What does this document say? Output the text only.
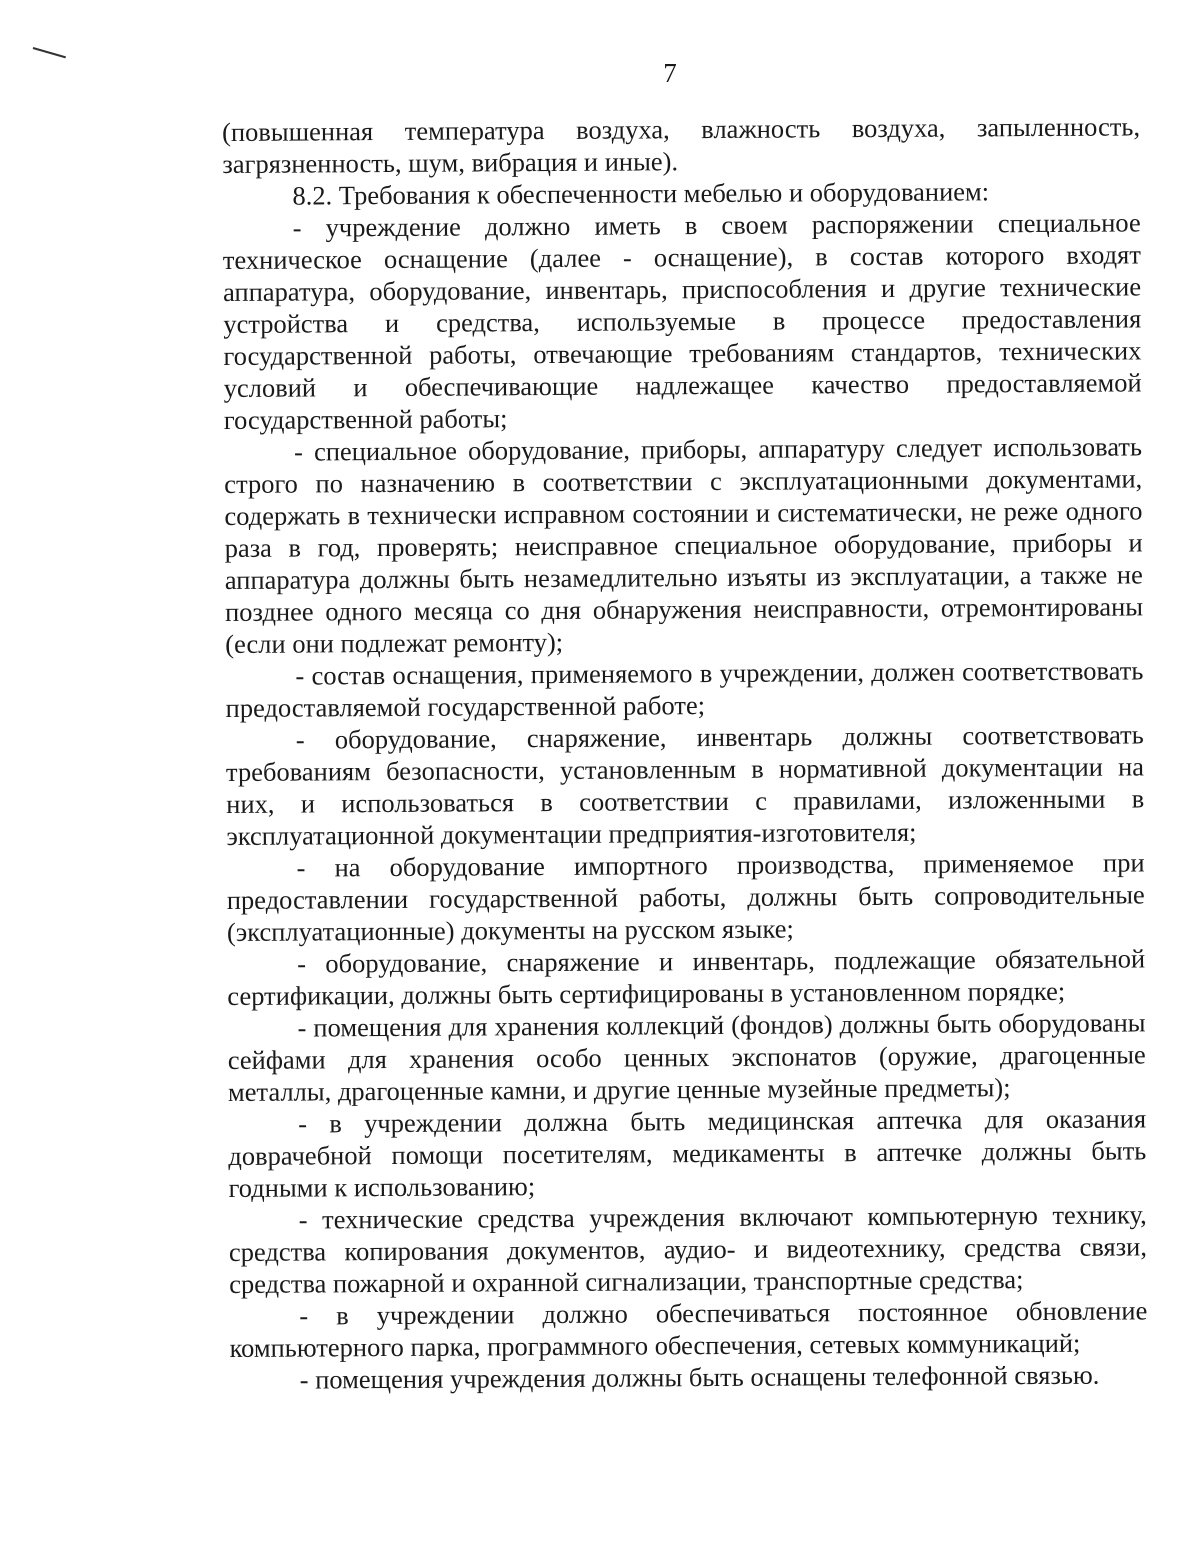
7

(повышенная температура воздуха, влажность воздуха, запыленность, загрязненность, шум, вибрация и иные).

8.2. Требования к обеспеченности мебелью и оборудованием:

- учреждение должно иметь в своем распоряжении специальное техническое оснащение (далее - оснащение), в состав которого входят аппаратура, оборудование, инвентарь, приспособления и другие технические устройства и средства, используемые в процессе предоставления государственной работы, отвечающие требованиям стандартов, технических условий и обеспечивающие надлежащее качество предоставляемой государственной работы;

- специальное оборудование, приборы, аппаратуру следует использовать строго по назначению в соответствии с эксплуатационными документами, содержать в технически исправном состоянии и систематически, не реже одного раза в год, проверять; неисправное специальное оборудование, приборы и аппаратура должны быть незамедлительно изъяты из эксплуатации, а также не позднее одного месяца со дня обнаружения неисправности, отремонтированы (если они подлежат ремонту);

- состав оснащения, применяемого в учреждении, должен соответствовать предоставляемой государственной работе;

- оборудование, снаряжение, инвентарь должны соответствовать требованиям безопасности, установленным в нормативной документации на них, и использоваться в соответствии с правилами, изложенными в эксплуатационной документации предприятия-изготовителя;

- на оборудование импортного производства, применяемое при предоставлении государственной работы, должны быть сопроводительные (эксплуатационные) документы на русском языке;

- оборудование, снаряжение и инвентарь, подлежащие обязательной сертификации, должны быть сертифицированы в установленном порядке;

- помещения для хранения коллекций (фондов) должны быть оборудованы сейфами для хранения особо ценных экспонатов (оружие, драгоценные металлы, драгоценные камни, и другие ценные музейные предметы);

- в учреждении должна быть медицинская аптечка для оказания доврачебной помощи посетителям, медикаменты в аптечке должны быть годными к использованию;

- технические средства учреждения включают компьютерную технику, средства копирования документов, аудио- и видеотехнику, средства связи, средства пожарной и охранной сигнализации, транспортные средства;

- в учреждении должно обеспечиваться постоянное обновление компьютерного парка, программного обеспечения, сетевых коммуникаций;

- помещения учреждения должны быть оснащены телефонной связью.
